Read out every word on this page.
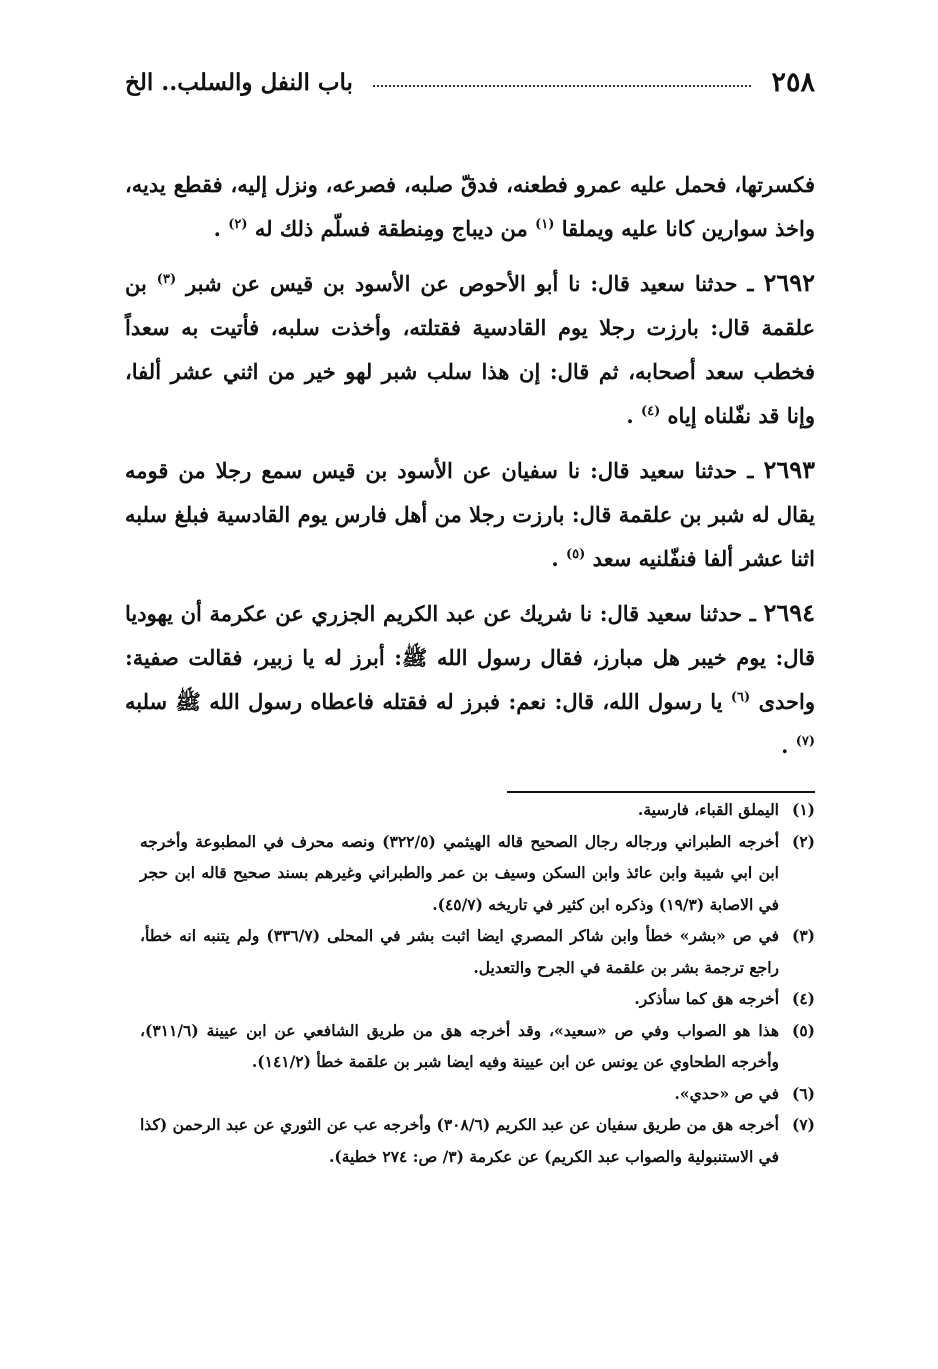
٢٥٨
باب النفل والسلب.. الخ

فكسرتها، فحمل عليه عمرو فطعنه، فدقّ صلبه، فصرعه، ونزل إليه، فقطع يديه، واخذ سوارين كانا عليه ويملقا $^{(١)}$ من ديباج ومِنطقة فسلّم ذلك له $^{(٢)}$ .

٢٦٩٢ ـ حدثنا سعيد قال: نا أبو الأحوص عن الأسود بن قيس عن شبر $^{(٣)}$ بن علقمة قال: بارزت رجلا يوم القادسية فقتلته، وأخذت سلبه، فأتيت به سعداً فخطب سعد أصحابه، ثم قال: إن هذا سلب شبر لهو خير من اثني عشر ألفا، وإنا قد نفّلناه إياه $^{(٤)}$ .

٢٦٩٣ ـ حدثنا سعيد قال: نا سفيان عن الأسود بن قيس سمع رجلا من قومه يقال له شبر بن علقمة قال: بارزت رجلا من أهل فارس يوم القادسية فبلغ سلبه اثنا عشر ألفا فنفّلنيه سعد $^{(٥)}$ .

٢٦٩٤ ـ حدثنا سعيد قال: نا شريك عن عبد الكريم الجزري عن عكرمة أن يهوديا قال: يوم خيبر هل مبارز، فقال رسول الله ﷺ: أبرز له يا زبير، فقالت صفية: واحدى $^{(٦)}$ يا رسول الله، قال: نعم: فبرز له فقتله فاعطاه رسول الله ﷺ سلبه $^{(٧)}$ .

(١)
اليملق القباء، فارسية.
(٢)
أخرجه الطبراني ورجاله رجال الصحيح قاله الهيثمي (٣٢٢/٥) ونصه محرف في المطبوعة وأخرجه ابن ابي شيبة وابن عائذ وابن السكن وسيف بن عمر والطبراني وغيرهم بسند صحيح قاله ابن حجر في الاصابة (١٩/٣) وذكره ابن كثير في تاريخه (٤٥/٧).
(٣)
في ص «بشر» خطأ وابن شاكر المصري ايضا اثبت بشر في المحلى (٣٣٦/٧) ولم يتنبه انه خطأ، راجع ترجمة بشر بن علقمة في الجرح والتعديل.
(٤)
أخرجه هق كما سأذكر.
(٥)
هذا هو الصواب وفي ص «سعيد»، وقد أخرجه هق من طريق الشافعي عن ابن عيينة (٣١١/٦)، وأخرجه الطحاوي عن يونس عن ابن عيينة وفيه ايضا شبر بن علقمة خطأ (١٤١/٢).
(٦)
في ص «حدي».
(٧)
أخرجه هق من طريق سفيان عن عبد الكريم (٣٠٨/٦) وأخرجه عب عن الثوري عن عبد الرحمن (كذا في الاستنبولية والصواب عبد الكريم) عن عكرمة (٣/ ص: ٢٧٤ خطية).
